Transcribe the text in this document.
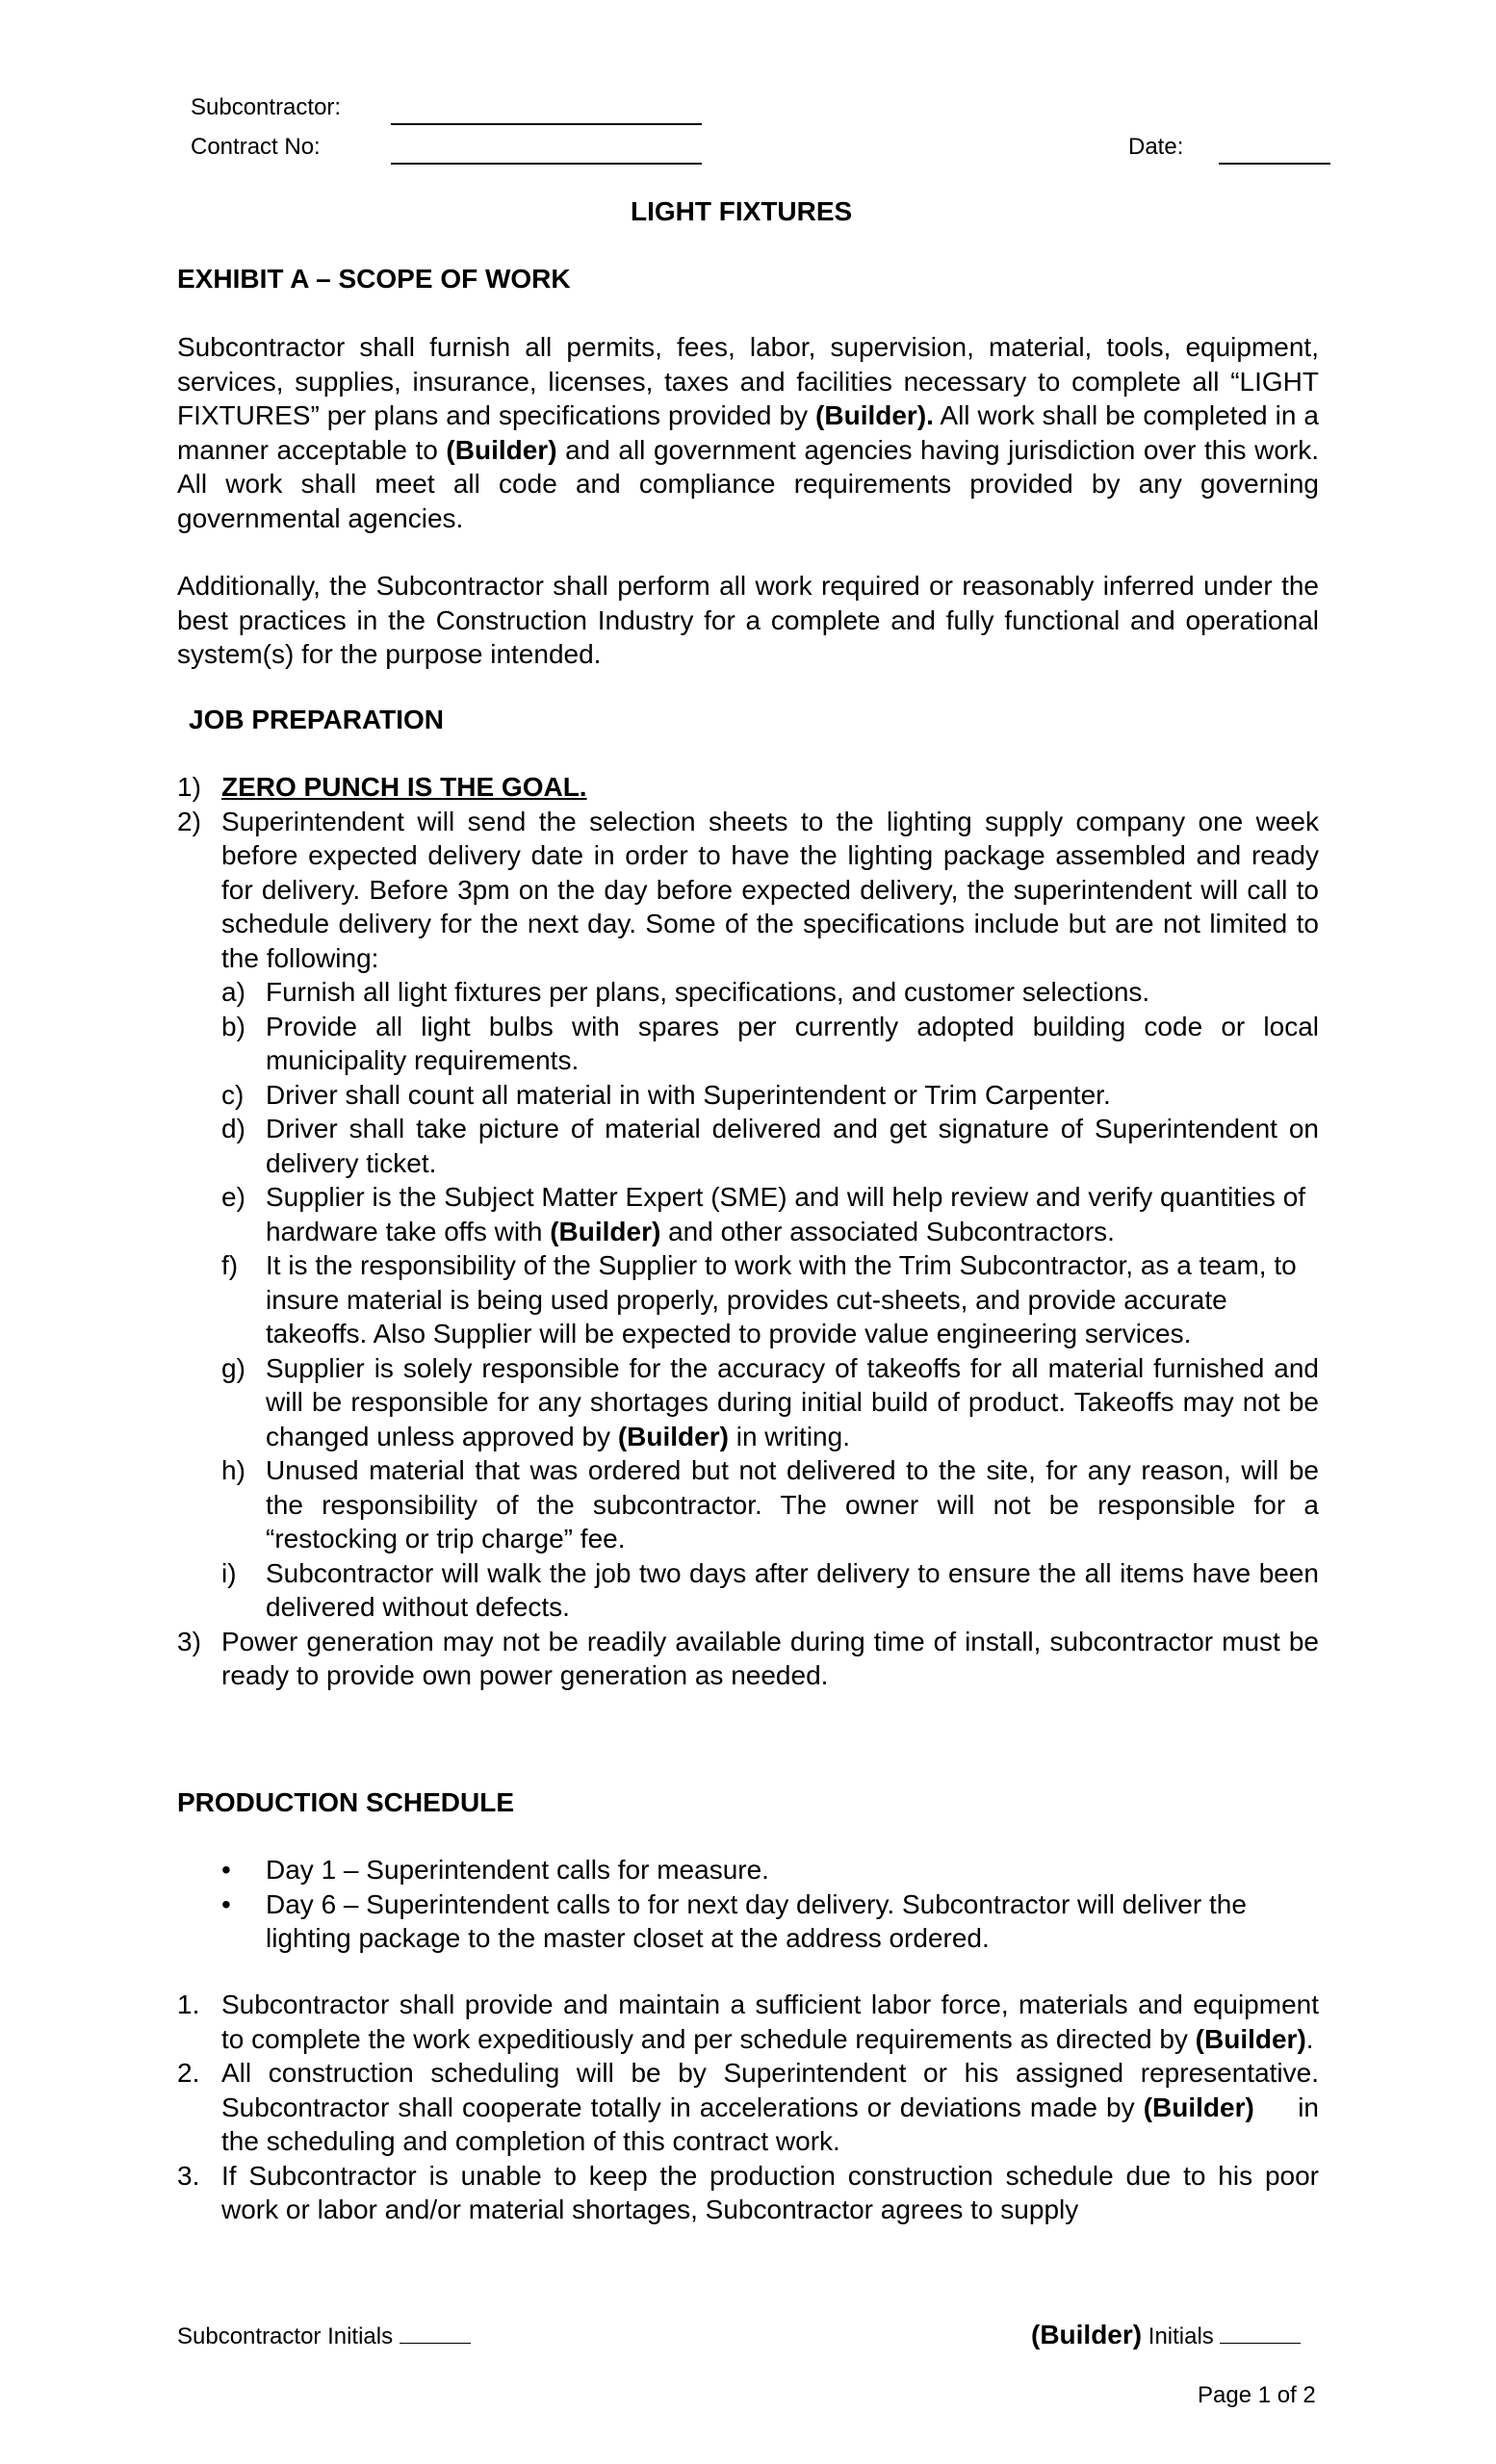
Subcontractor:
Contract No:	Date:
LIGHT FIXTURES
EXHIBIT A – SCOPE OF WORK

Subcontractor shall furnish all permits, fees, labor, supervision, material, tools, equipment, services, supplies, insurance, licenses, taxes and facilities necessary to complete all “LIGHT FIXTURES” per plans and specifications provided by (Builder). All work shall be completed in a manner acceptable to (Builder) and all government agencies having jurisdiction over this work. All work shall meet all code and compliance requirements provided by any governing governmental agencies.

Additionally, the Subcontractor shall perform all work required or reasonably inferred under the best practices in the Construction Industry for a complete and fully functional and operational system(s) for the purpose intended.

JOB PREPARATION

1) ZERO PUNCH IS THE GOAL.
2) Superintendent will send the selection sheets to the lighting supply company one week before expected delivery date in order to have the lighting package assembled and ready for delivery. Before 3pm on the day before expected delivery, the superintendent will call to schedule delivery for the next day. Some of the specifications include but are not limited to the following:
a) Furnish all light fixtures per plans, specifications, and customer selections.
b) Provide all light bulbs with spares per currently adopted building code or local municipality requirements.
c) Driver shall count all material in with Superintendent or Trim Carpenter.
d) Driver shall take picture of material delivered and get signature of Superintendent on delivery ticket.
e) Supplier is the Subject Matter Expert (SME) and will help review and verify quantities of hardware take offs with (Builder) and other associated Subcontractors.
f) It is the responsibility of the Supplier to work with the Trim Subcontractor, as a team, to insure material is being used properly, provides cut-sheets, and provide accurate takeoffs. Also Supplier will be expected to provide value engineering services.
g) Supplier is solely responsible for the accuracy of takeoffs for all material furnished and will be responsible for any shortages during initial build of product. Takeoffs may not be changed unless approved by (Builder) in writing.
h) Unused material that was ordered but not delivered to the site, for any reason, will be the responsibility of the subcontractor. The owner will not be responsible for a “restocking or trip charge” fee.
i) Subcontractor will walk the job two days after delivery to ensure the all items have been delivered without defects.
3) Power generation may not be readily available during time of install, subcontractor must be ready to provide own power generation as needed.

PRODUCTION SCHEDULE

• Day 1 – Superintendent calls for measure.
• Day 6 – Superintendent calls to for next day delivery. Subcontractor will deliver the lighting package to the master closet at the address ordered.
1. Subcontractor shall provide and maintain a sufficient labor force, materials and equipment to complete the work expeditiously and per schedule requirements as directed by (Builder).
2. All construction scheduling will be by Superintendent or his assigned representative. Subcontractor shall cooperate totally in accelerations or deviations made by (Builder)     in the scheduling and completion of this contract work.
3. If Subcontractor is unable to keep the production construction schedule due to his poor work or labor and/or material shortages, Subcontractor agrees to supply
Subcontractor Initials	(Builder) Initials
Page 1 of 2
